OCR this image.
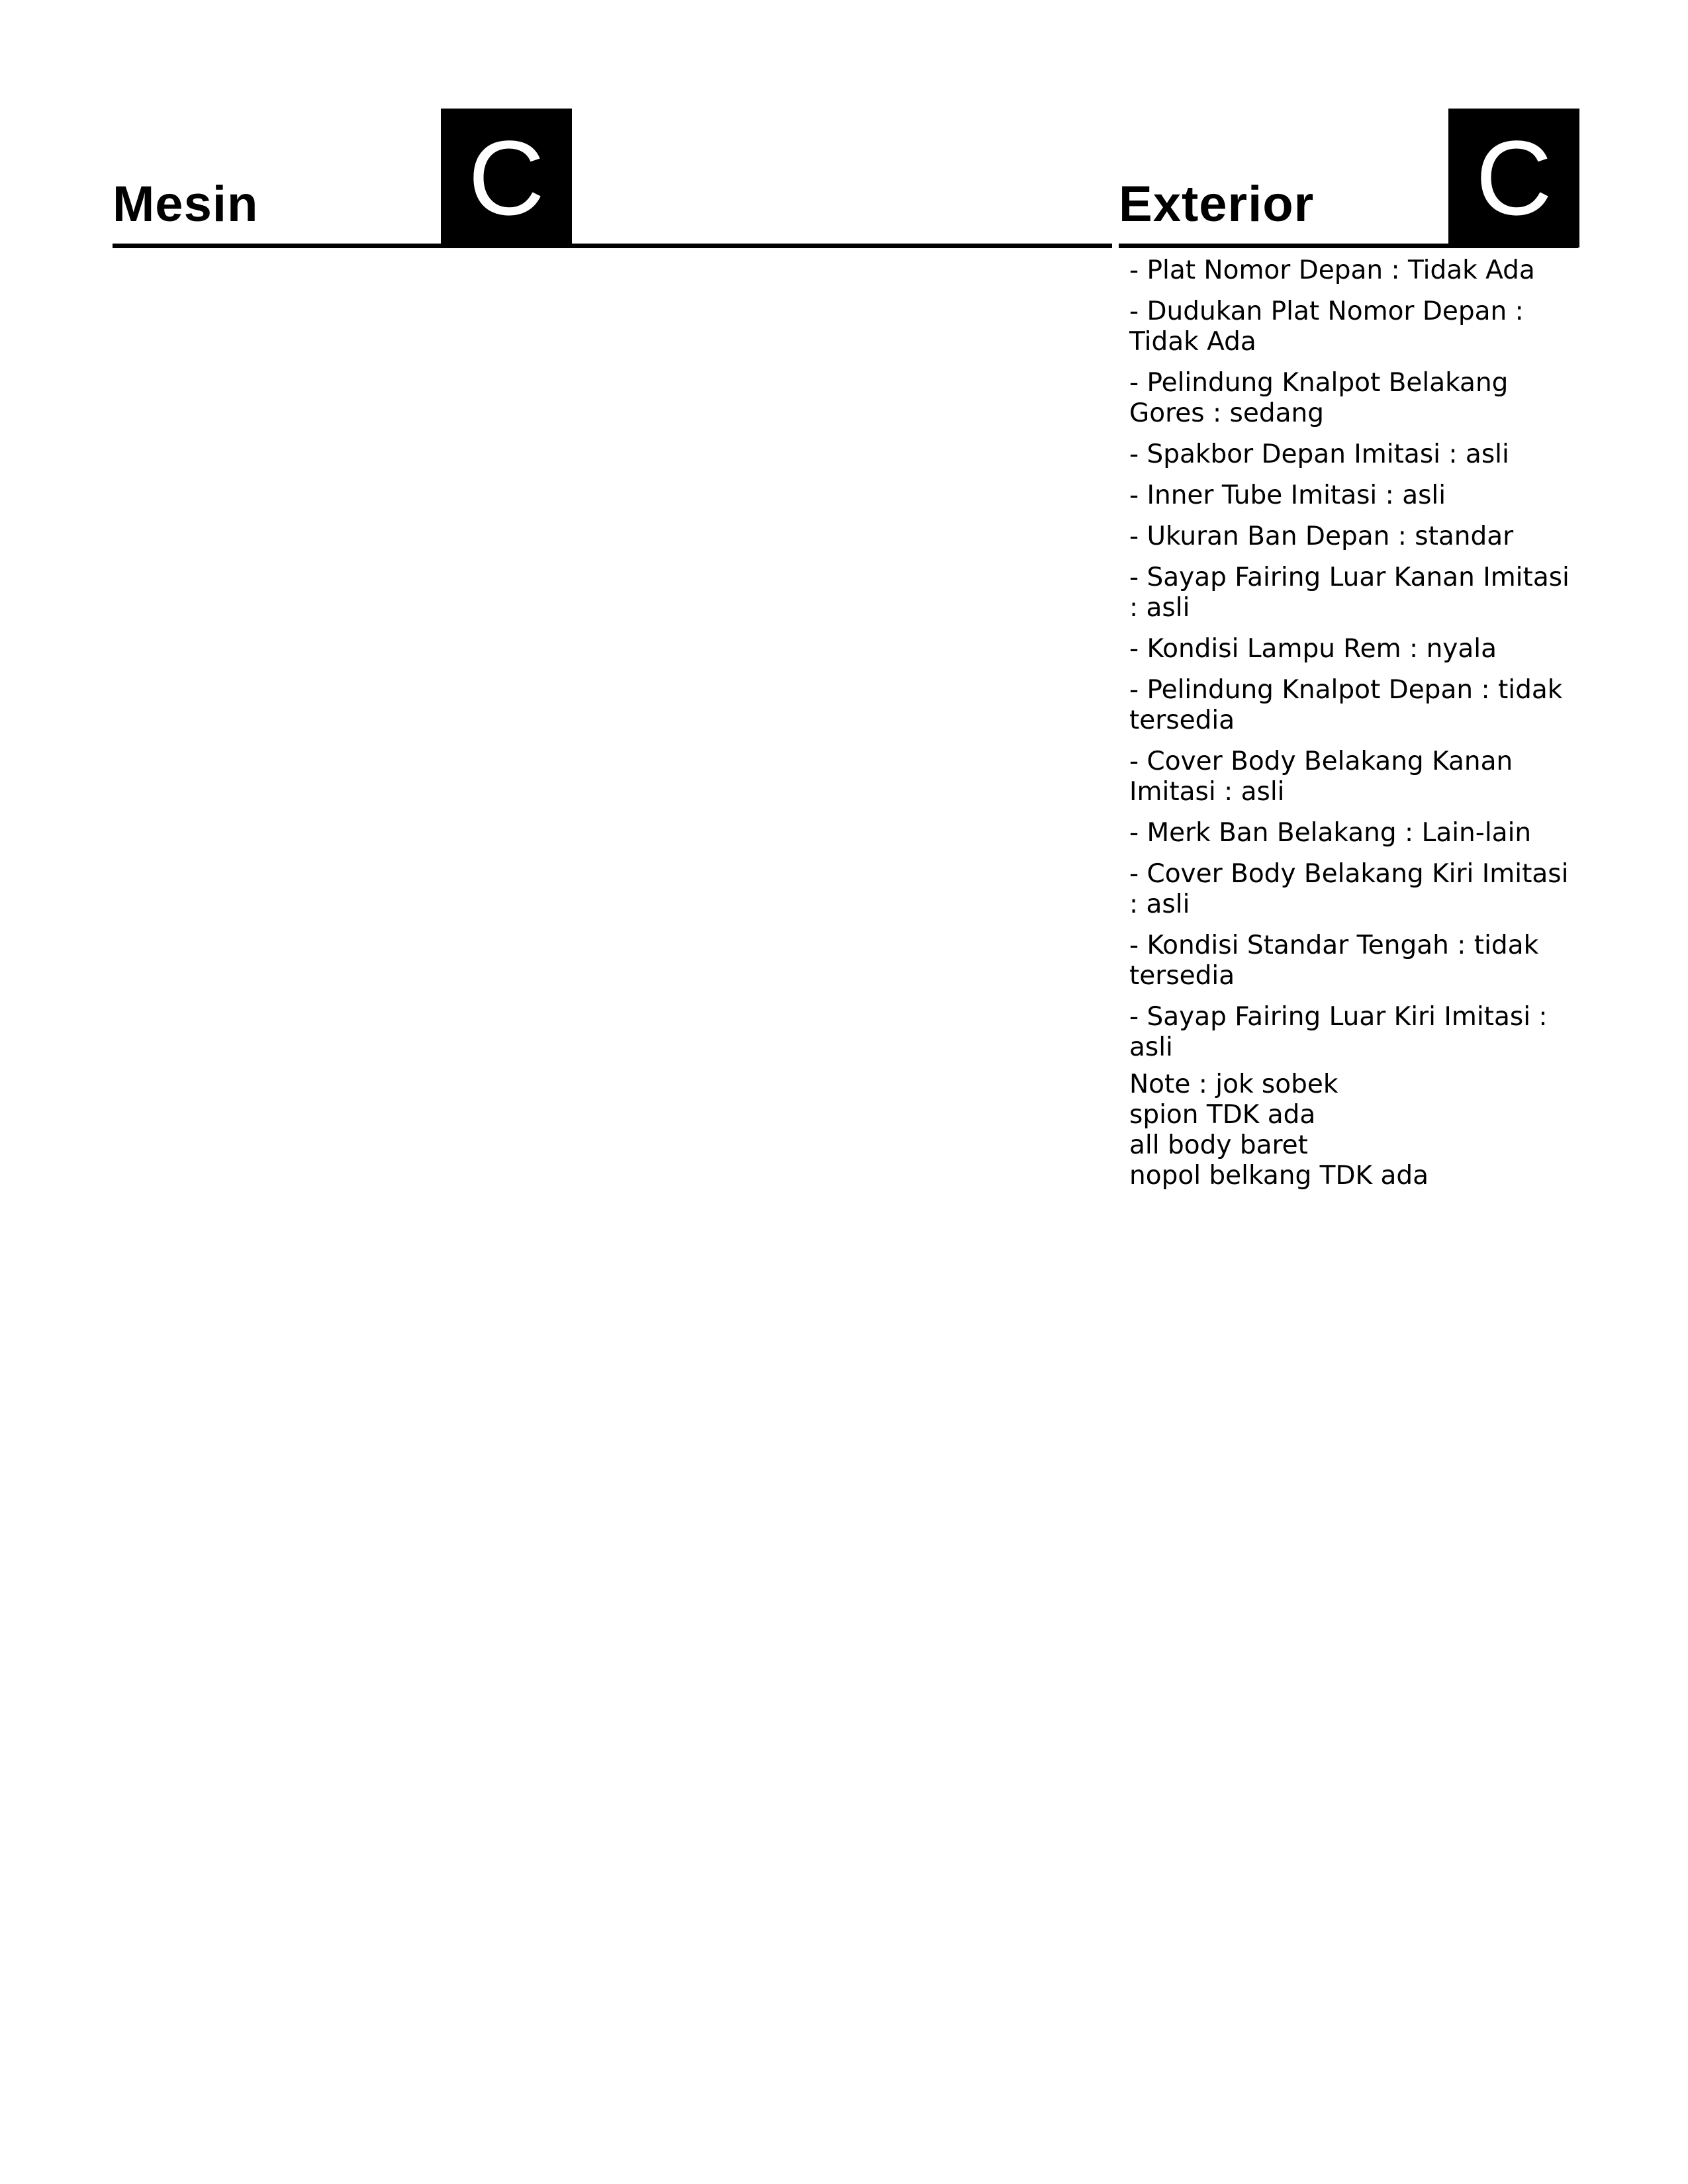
Mesin C	Exterior C
- Plat Nomor Depan : Tidak Ada
- Dudukan Plat Nomor Depan : Tidak Ada
- Pelindung Knalpot Belakang Gores : sedang
- Spakbor Depan Imitasi : asli
- Inner Tube Imitasi : asli
- Ukuran Ban Depan : standar
- Sayap Fairing Luar Kanan Imitasi : asli
- Kondisi Lampu Rem : nyala
- Pelindung Knalpot Depan : tidak tersedia
- Cover Body Belakang Kanan Imitasi : asli
- Merk Ban Belakang : Lain-lain
- Cover Body Belakang Kiri Imitasi : asli
- Kondisi Standar Tengah : tidak tersedia
- Sayap Fairing Luar Kiri Imitasi : asli

Note : jok sobek
spion TDK ada
all body baret
nopol belkang TDK ada
